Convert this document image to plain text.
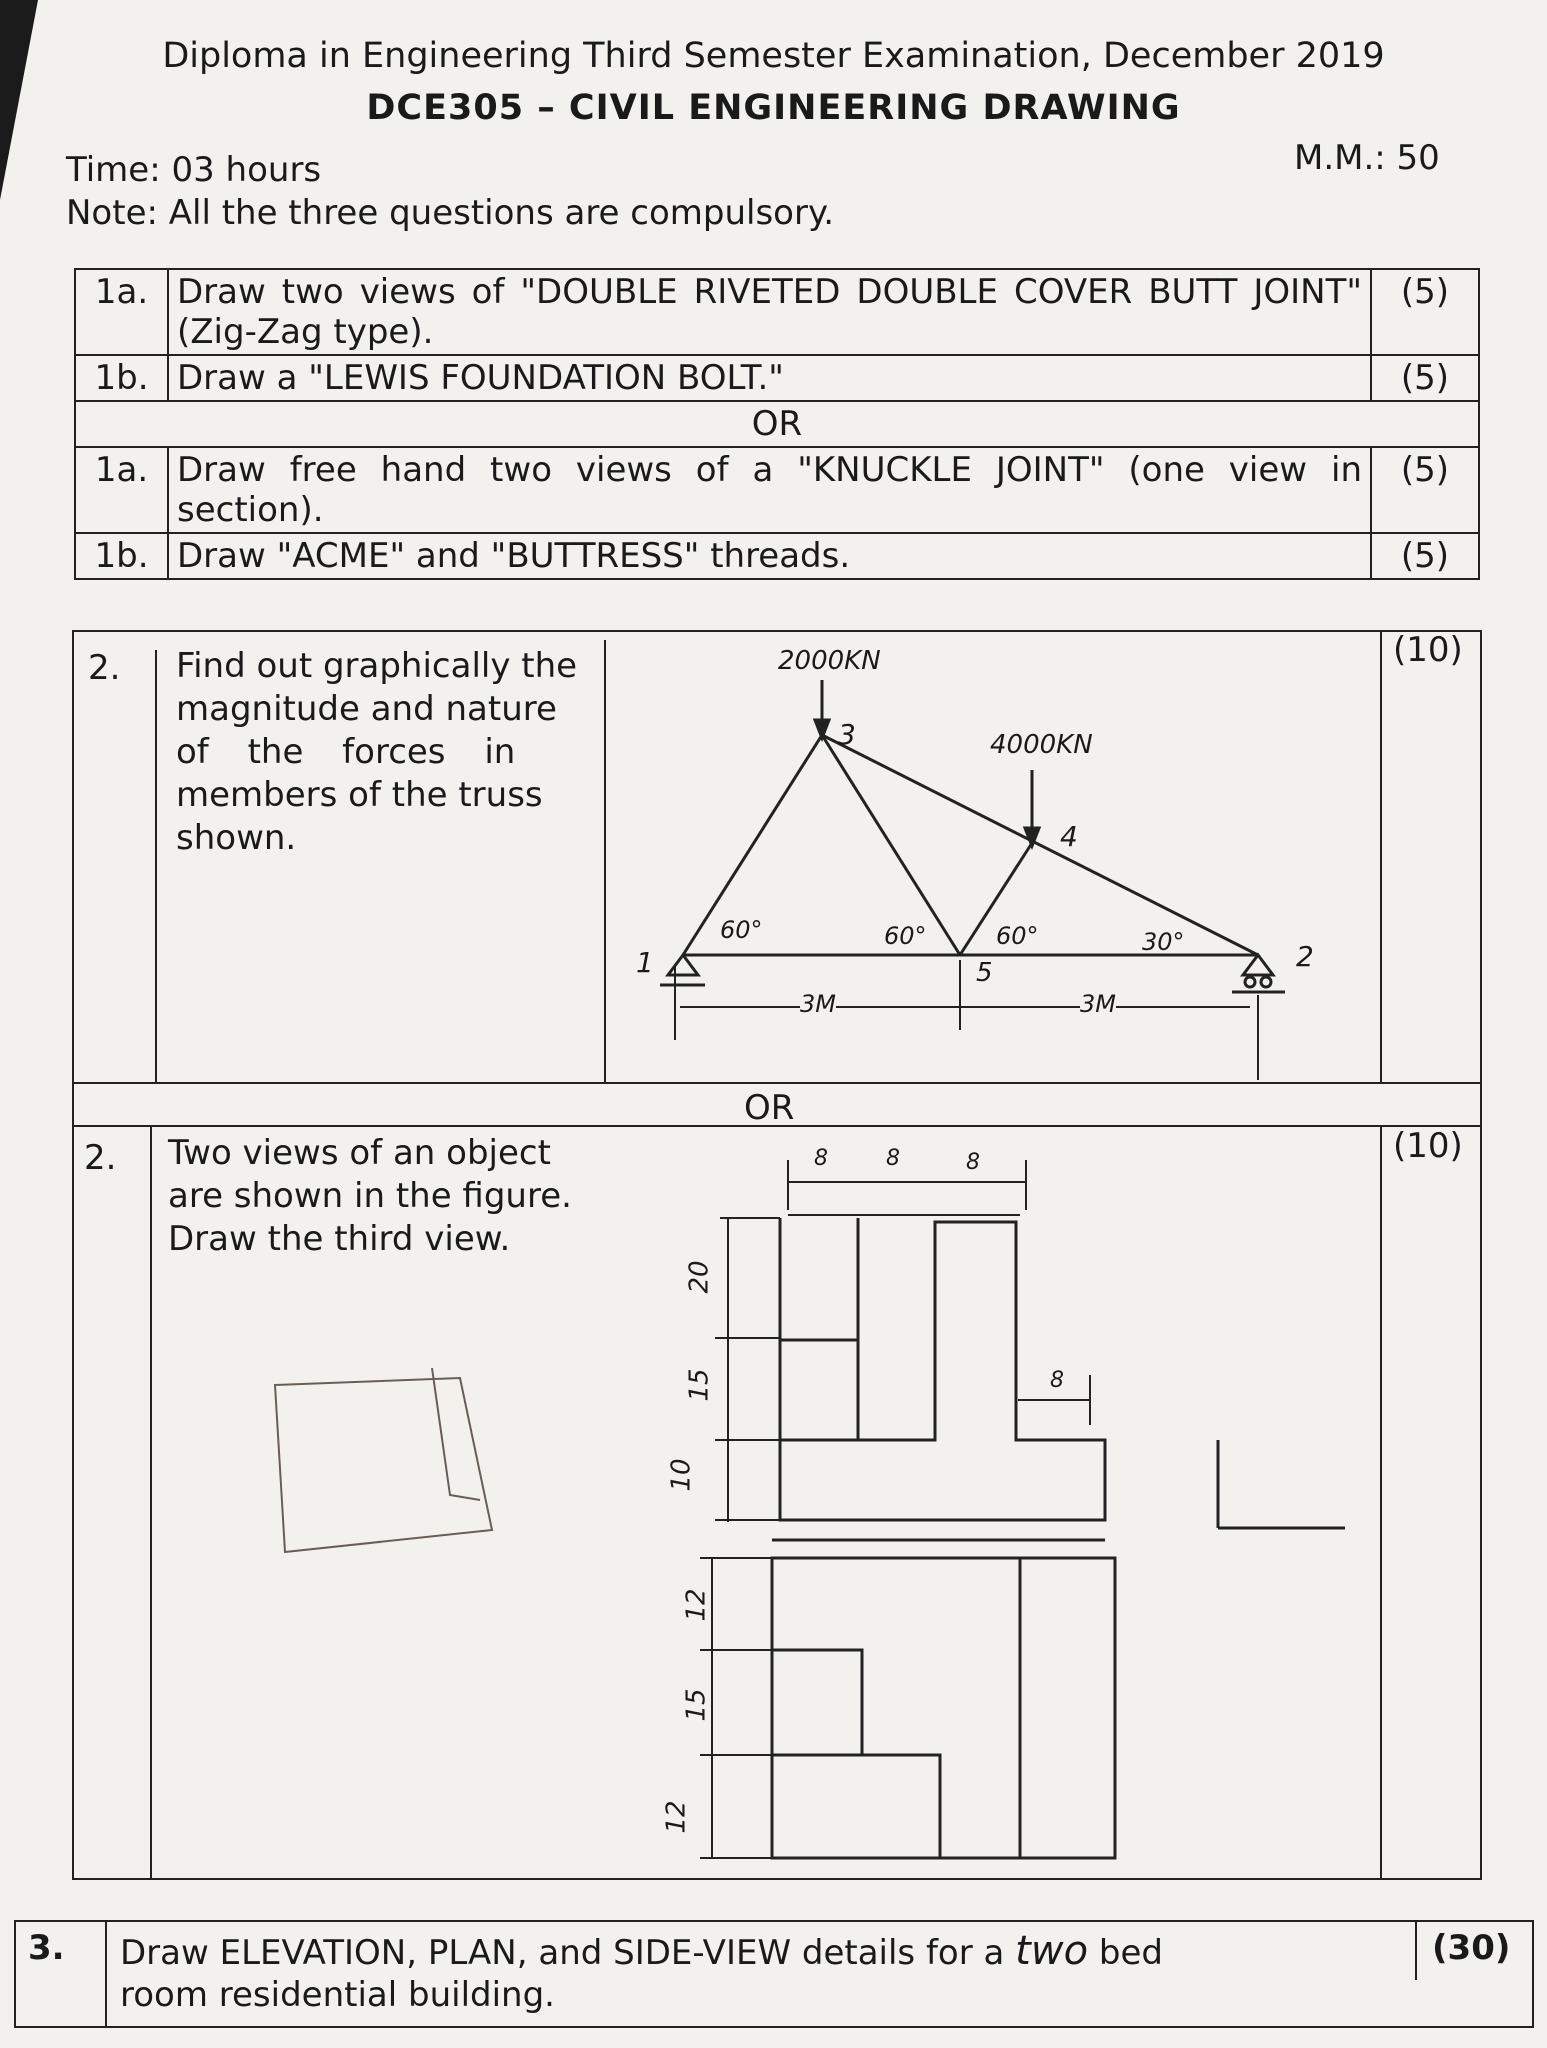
Diploma in Engineering Third Semester Examination, December 2019
DCE305 – CIVIL ENGINEERING DRAWING
Time: 03 hours	M.M.: 50
Note: All the three questions are compulsory.
1a.	Draw two views of "DOUBLE RIVETED DOUBLE COVER BUTT JOINT" (Zig-Zag type).	(5)
1b.	Draw a "LEWIS FOUNDATION BOLT."	(5)
OR		
1a.	Draw free hand two views of a "KNUCKLE JOINT" (one view in section).	(5)
1b.	Draw "ACME" and "BUTTRESS" threads.	(5)
2. Find out graphically the
magnitude and nature
of the forces in
members of the truss
shown.
(10)
OR
2. Two views of an object
are shown in the figure.
Draw the third view.
(10)
2000KN
4000KN
1	2
3
4
5
60°	60°	60°	30°
3M	3M
8	8	8
8
20
15
10
12
15
12
3. Draw ELEVATION, PLAN, and SIDE-VIEW details for a two bed
room residential building.
(30)
